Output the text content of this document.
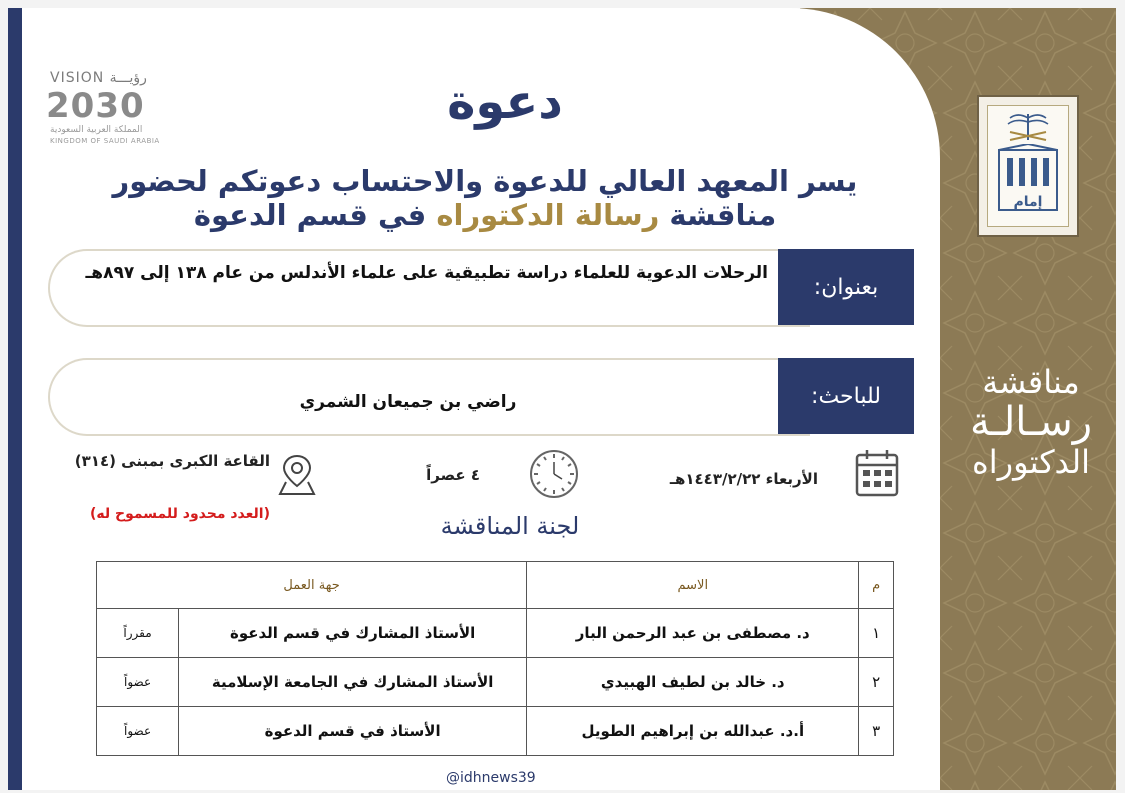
إمام
مناقشة
رسـالـة
الدكتوراه
VISION رؤيـــة
2030
المملكة العربية السعودية
KINGDOM OF SAUDI ARABIA
دعوة
يسر المعهد العالي للدعوة والاحتساب دعوتكم لحضور
مناقشة رسالة الدكتوراه في قسم الدعوة
الرحلات الدعوية للعلماء دراسة تطبيقية على علماء الأندلس من عام ١٣٨ إلى ٨٩٧هـ
بعنوان:
راضي بن جميعان الشمري	للباحث:
الأربعاء ١٤٤٣/٢/٢٢هـ
٤ عصراً
القاعة الكبرى بمبنى (٣١٤)
(العدد محدود للمسموح له)	لجنة المناقشة
م	الاسم	جهة العمل	
١	د. مصطفى بن عبد الرحمن البار	الأستاذ المشارك في قسم الدعوة	مقرراً
٢	د. خالد بن لطيف الهبيدي	الأستاذ المشارك في الجامعة الإسلامية	عضواً
٣	أ.د. عبدالله بن إبراهيم الطويل	الأستاذ في قسم الدعوة	عضواً
@idhnews39
